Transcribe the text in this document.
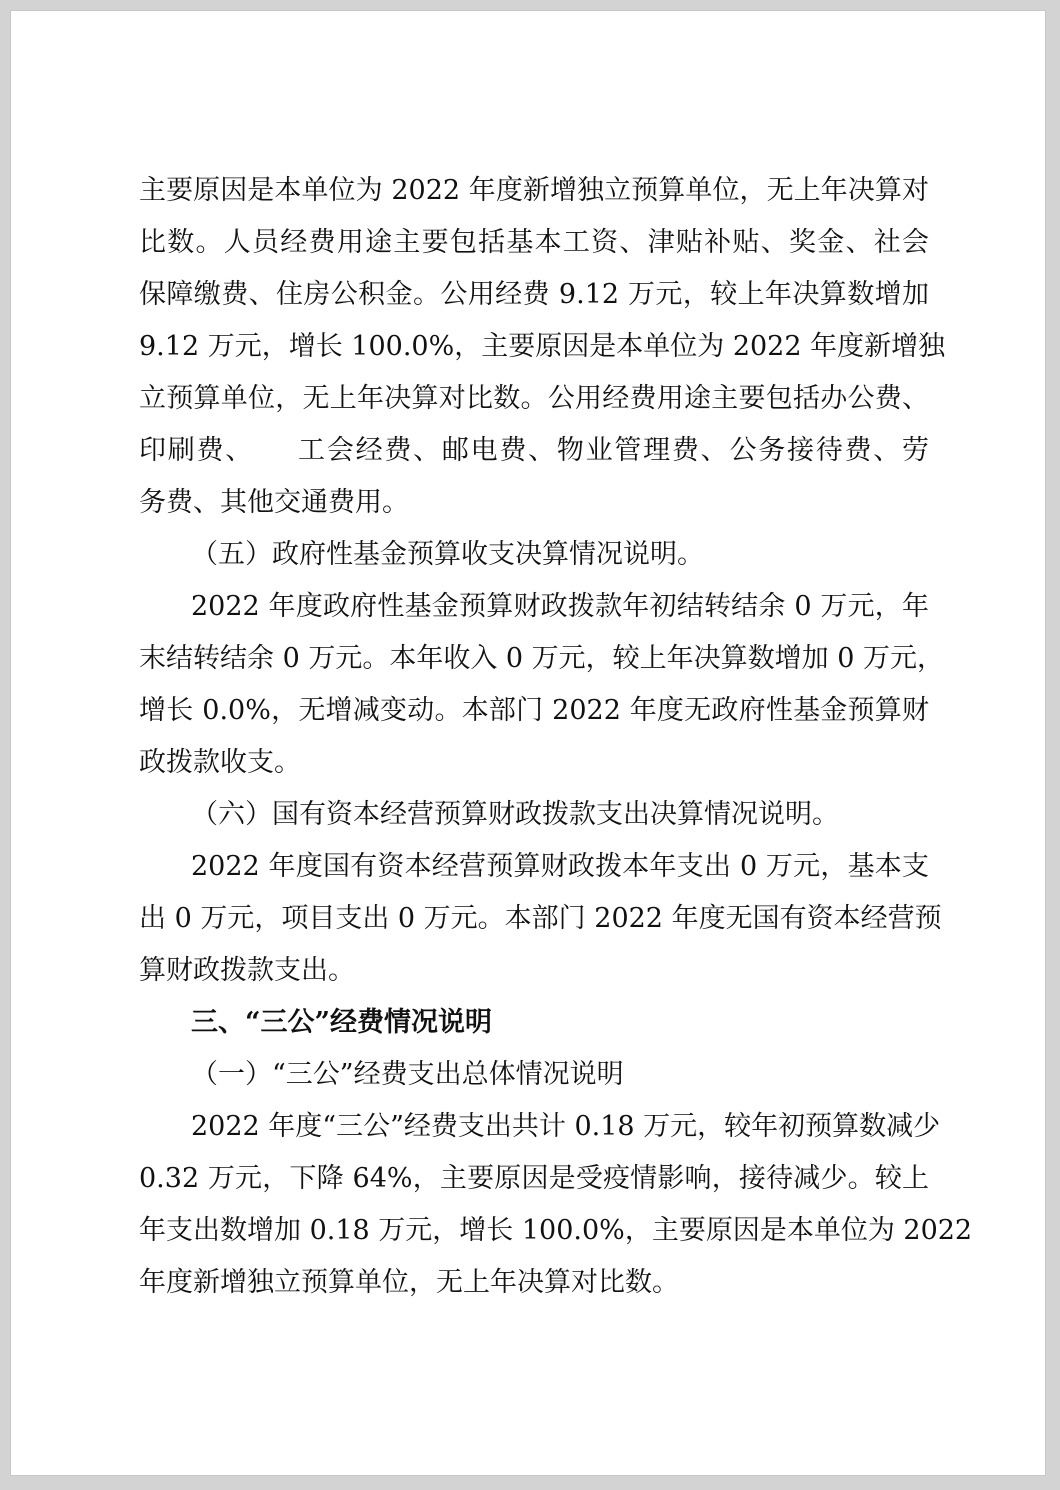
主要原因是本单位为 2022 年度新增独立预算单位，无上年决算对
比数。人员经费用途主要包括基本工资、津贴补贴、奖金、社会
保障缴费、住房公积金。公用经费 9.12 万元，较上年决算数增加
9.12 万元，增长 100.0%，主要原因是本单位为 2022 年度新增独
立预算单位，无上年决算对比数。公用经费用途主要包括办公费、
印刷费、　　工会经费、邮电费、物业管理费、公务接待费、劳
务费、其他交通费用。
（五）政府性基金预算收支决算情况说明。
2022 年度政府性基金预算财政拨款年初结转结余 0 万元，年
末结转结余 0 万元。本年收入 0 万元，较上年决算数增加 0 万元，
增长 0.0%，无增减变动。本部门 2022 年度无政府性基金预算财
政拨款收支。
（六）国有资本经营预算财政拨款支出决算情况说明。
2022 年度国有资本经营预算财政拨本年支出 0 万元，基本支
出 0 万元，项目支出 0 万元。本部门 2022 年度无国有资本经营预
算财政拨款支出。
三、“三公”经费情况说明
（一）“三公”经费支出总体情况说明
2022 年度“三公”经费支出共计 0.18 万元，较年初预算数减少
0.32 万元，下降 64%，主要原因是受疫情影响，接待减少。较上
年支出数增加 0.18 万元，增长 100.0%，主要原因是本单位为 2022
年度新增独立预算单位，无上年决算对比数。
